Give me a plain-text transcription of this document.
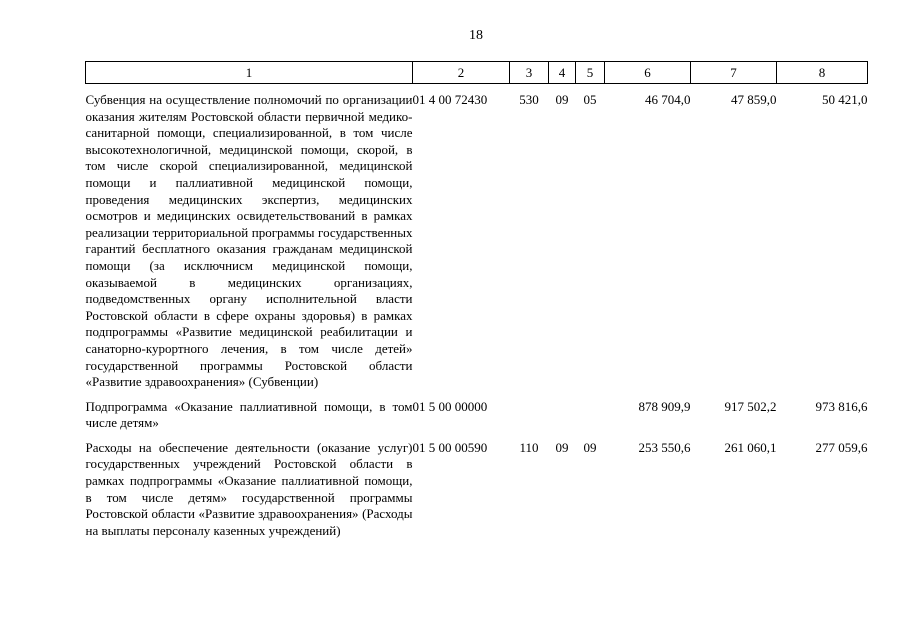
18
1	2	3	4	5	6	7	8

Субвенция на осуществление полномочий по организации оказания жителям Ростовской области первичной медико-санитарной помощи, специализированной, в том числе высокотехнологичной, медицинской помощи, скорой, в том числе скорой специализированной, медицинской помощи и паллиативной медицинской помощи, проведения медицинских экспертиз, медицинских осмотров и медицинских освидетельствований в рамках реализации территориальной программы государственных гарантий бесплатного оказания гражданам медицинской помощи (за исключнисм медицинской помощи, оказываемой в медицинских организациях, подведомственных органу исполнительной власти Ростовской области в сфере охраны здоровья) в рамках подпрограммы «Развитие медицинской реабилитации и санаторно-курортного лечения, в том числе детей» государственной программы Ростовской области «Развитие здравоохранения» (Субвенции)	01 4 00 72430	530	09	05	46 704,0	47 859,0	50 421,0

Подпрограмма «Оказание паллиативной помощи, в том числе детям»	01 5 00 00000				878 909,9	917 502,2	973 816,6

Расходы на обеспечение деятельности (оказание услуг) государственных учреждений Ростовской области в рамках подпрограммы «Оказание паллиативной помощи, в том числе детям» государственной программы Ростовской области «Развитие здравоохранения» (Расходы на выплаты персоналу казенных учреждений)	01 5 00 00590	110	09	09	253 550,6	261 060,1	277 059,6
